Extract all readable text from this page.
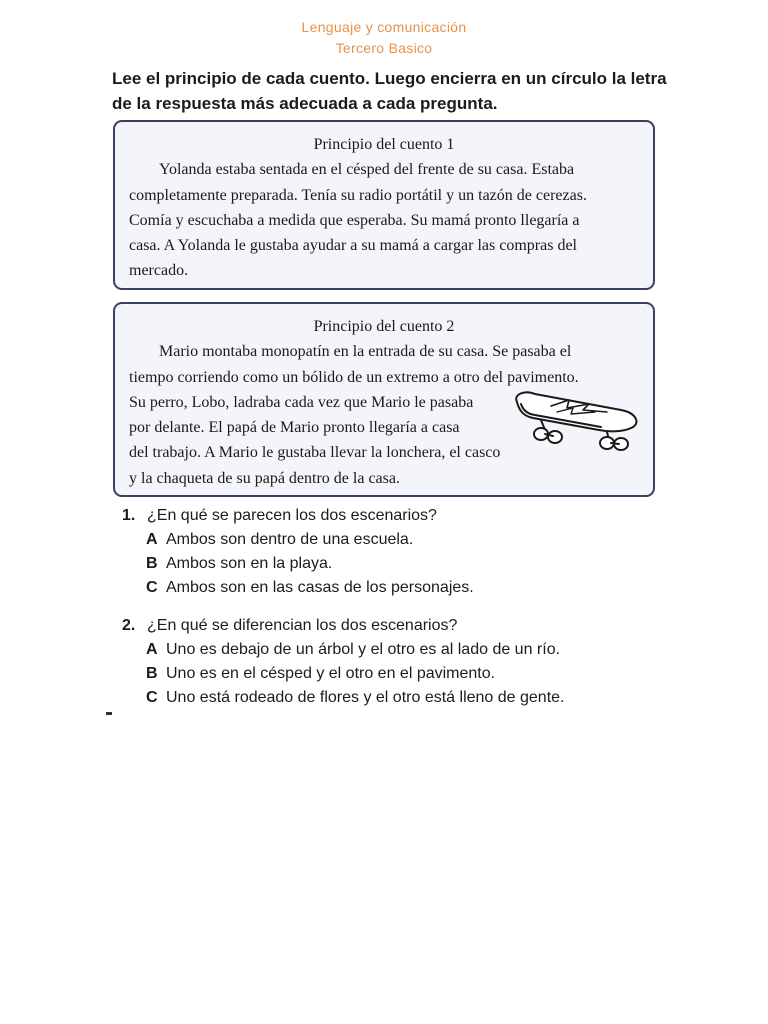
Lenguaje y comunicación
Tercero Basico
Lee el principio de cada cuento. Luego encierra en un círculo la letra
de la respuesta más adecuada a cada pregunta.
Principio del cuento 1
Yolanda estaba sentada en el césped del frente de su casa. Estaba
completamente preparada. Tenía su radio portátil y un tazón de cerezas.
Comía y escuchaba a medida que esperaba. Su mamá pronto llegaría a
casa. A Yolanda le gustaba ayudar a su mamá a cargar las compras del
mercado.
Principio del cuento 2
Mario montaba monopatín en la entrada de su casa. Se pasaba el
tiempo corriendo como un bólido de un extremo a otro del pavimento.
Su perro, Lobo, ladraba cada vez que Mario le pasaba
por delante. El papá de Mario pronto llegaría a casa
del trabajo. A Mario le gustaba llevar la lonchera, el casco
y la chaqueta de su papá dentro de la casa.
1. ¿En qué se parecen los dos escenarios?
A Ambos son dentro de una escuela.
B Ambos son en la playa.
C Ambos son en las casas de los personajes.
2. ¿En qué se diferencian los dos escenarios?
A Uno es debajo de un árbol y el otro es al lado de un río.
B Uno es en el césped y el otro en el pavimento.
C Uno está rodeado de flores y el otro está lleno de gente.
